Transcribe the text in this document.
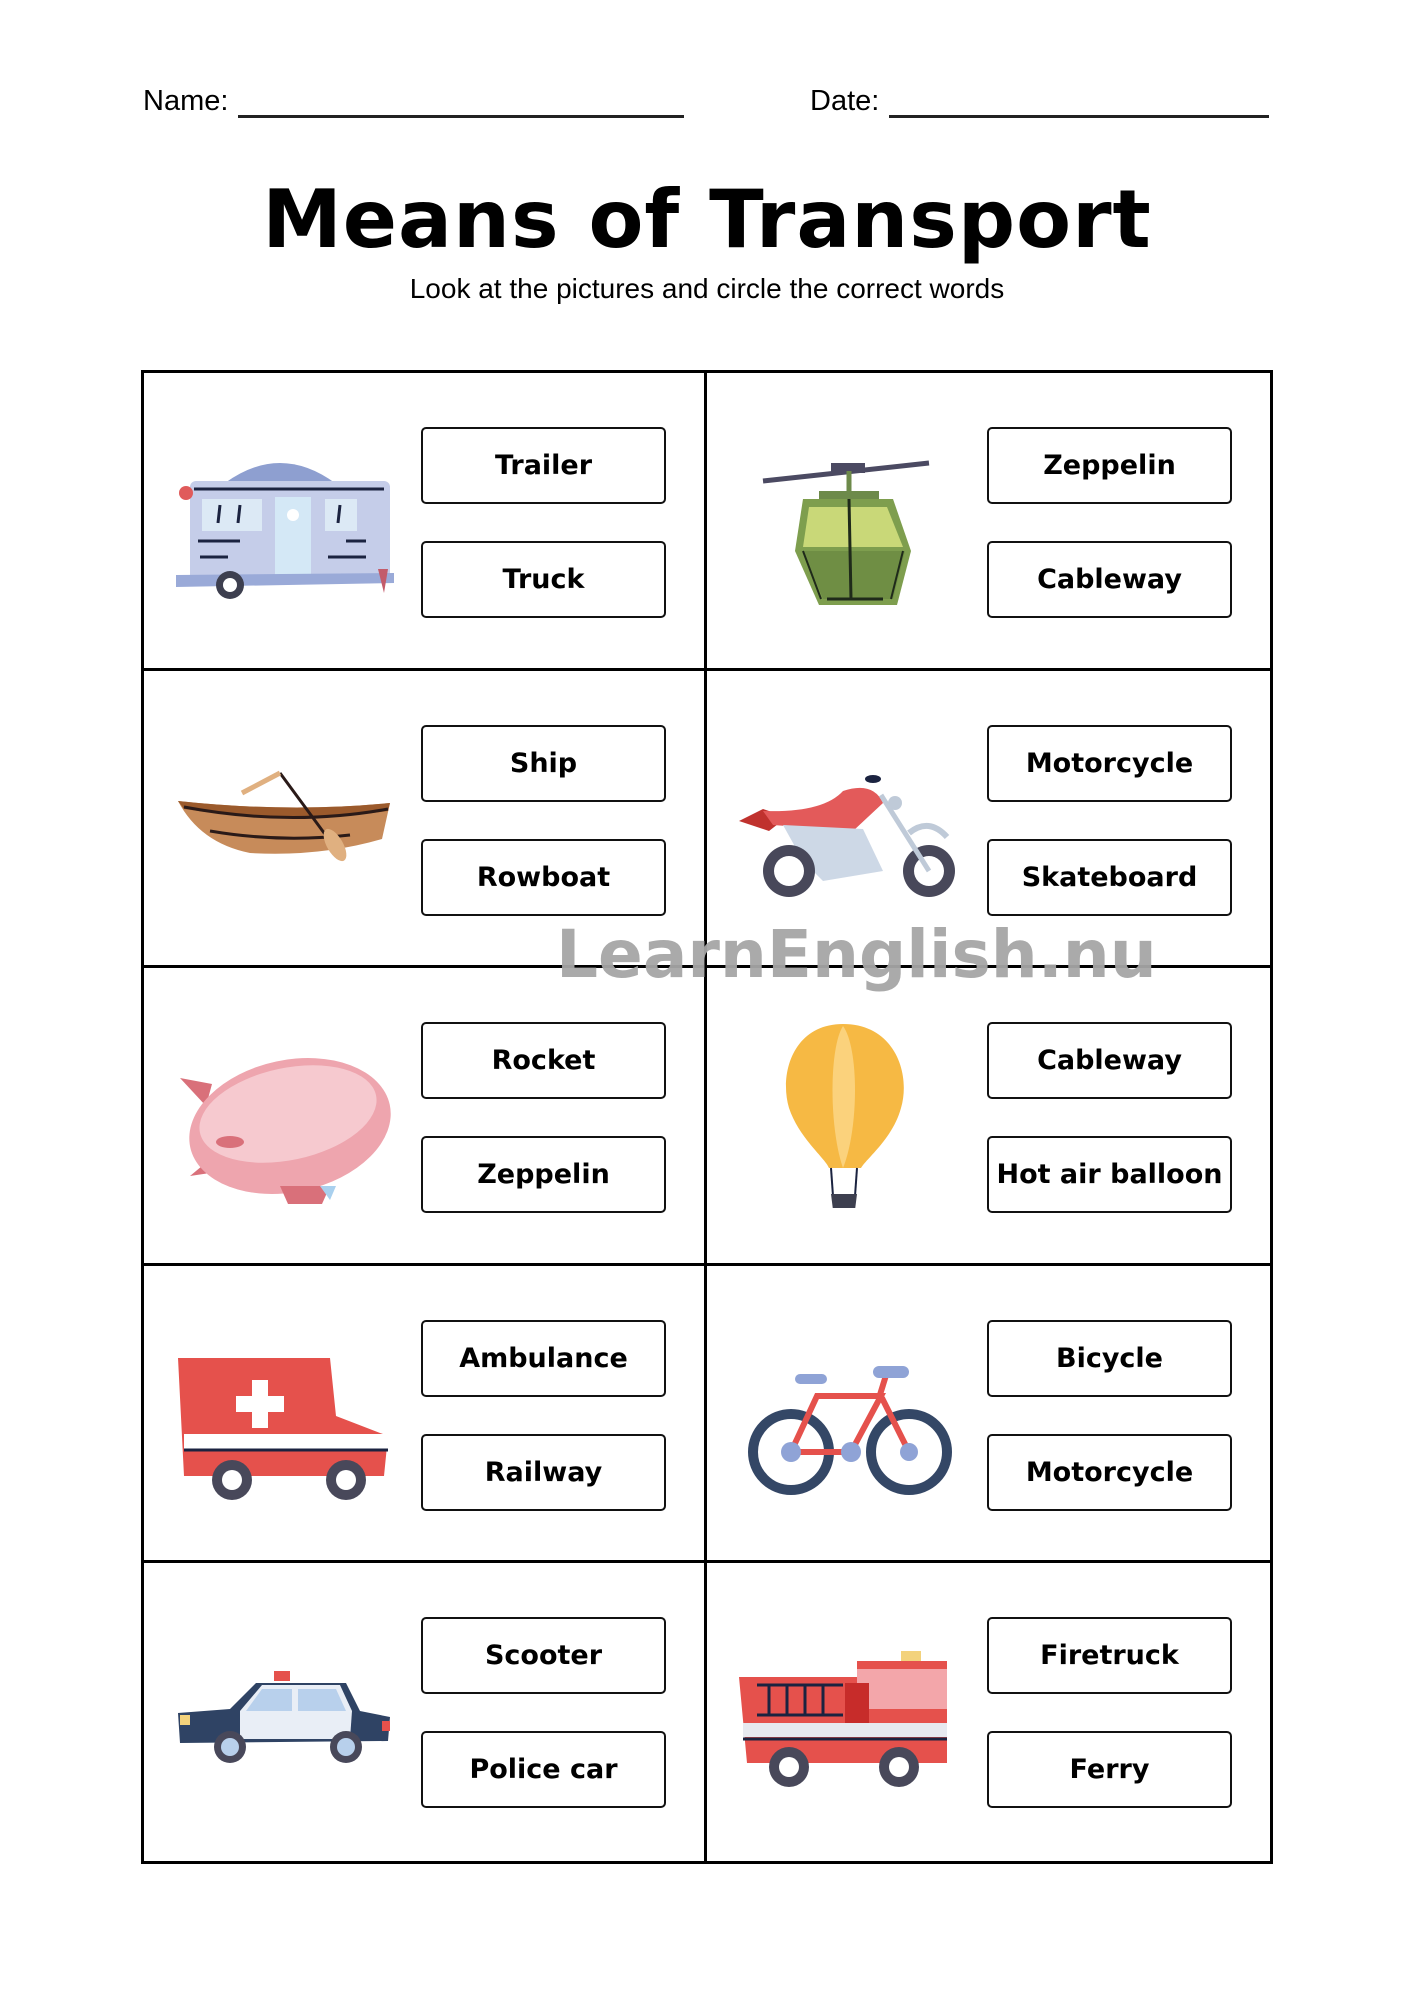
Name:	Date:
Means of Transport
Look at the pictures and circle the correct words
Trailer
Truck
Zeppelin
Cableway
Ship
Rowboat
Motorcycle
Skateboard
Rocket
Zeppelin
Cableway
Hot air balloon
Ambulance
Railway
Bicycle
Motorcycle
Scooter
Police car
Firetruck
Ferry
LearnEnglish.nu
